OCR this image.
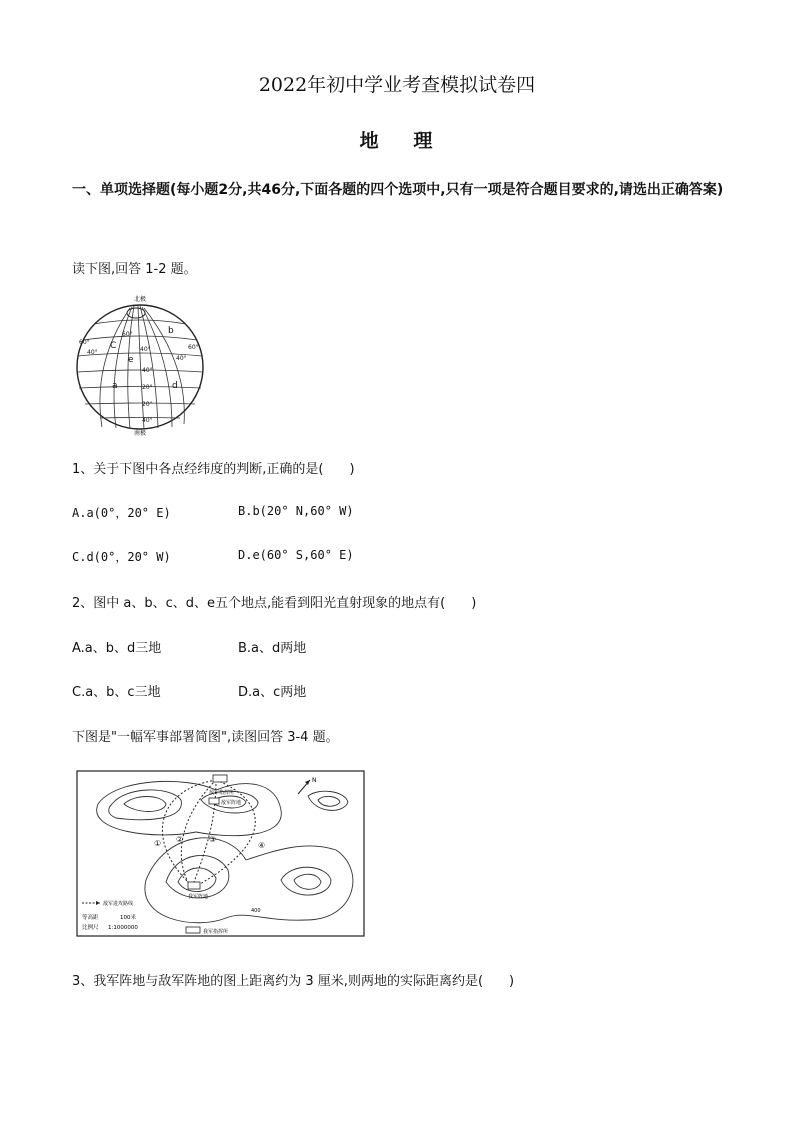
2022年初中学业考查模拟试卷四
地 理
一、单项选择题(每小题2分,共46分,下面各题的四个选项中,只有一项是符合题目要求的,请选出正确答案)
读下图,回答 1-2 题。
北极
60°
40°
60°
40°
40°
60°
40°
20°
20°
40°
C
b
a	d
e
南极
1、关于下图中各点经纬度的判断,正确的是(　　)
A.a(0°，20° E)	B.b(20° N,60° W)
C.d(0°，20° W)	D.e(60° S,60° E)
2、图中 a、b、c、d、e五个地点,能看到阳光直射现象的地点有(　　)
A.a、b、d三地	B.a、d两地
C.a、b、c三地	D.a、c两地
下图是"一幅军事部署简图",读图回答 3-4 题。
① ②	③
④
敌军阵地
敌军指挥所
我军阵地
我军指挥所
400
N
敌军进攻路线
等高距	100米
比例尺 1:1000000
3、我军阵地与敌军阵地的图上距离约为 3 厘米,则两地的实际距离约是(　　)
